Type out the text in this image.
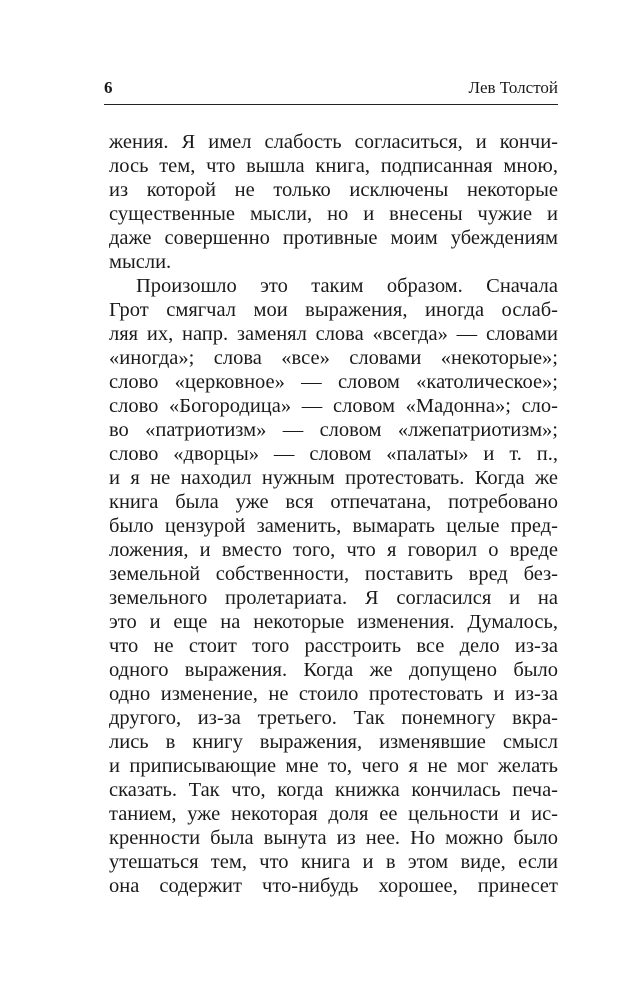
6	Лев Толстой
жения. Я имел слабость согласиться, и кончи-
лось тем, что вышла книга, подписанная мною,
из которой не только исключены некоторые
существенные мысли, но и внесены чужие и
даже совершенно противные моим убеждениям
мысли.
Произошло это таким образом. Сначала
Грот смягчал мои выражения, иногда ослаб-
ляя их, напр. заменял слова «всегда» — словами
«иногда»; слова «все» словами «некоторые»;
слово «церковное» — словом «католическое»;
слово «Богородица» — словом «Мадонна»; сло-
во «патриотизм» — словом «лжепатриотизм»;
слово «дворцы» — словом «палаты» и т. п.,
и я не находил нужным протестовать. Когда же
книга была уже вся отпечатана, потребовано
было цензурой заменить, вымарать целые пред-
ложения, и вместо того, что я говорил о вреде
земельной собственности, поставить вред без-
земельного пролетариата. Я согласился и на
это и еще на некоторые изменения. Думалось,
что не стоит того расстроить все дело из-за
одного выражения. Когда же допущено было
одно изменение, не стоило протестовать и из-за
другого, из-за третьего. Так понемногу вкра-
лись в книгу выражения, изменявшие смысл
и приписывающие мне то, чего я не мог желать
сказать. Так что, когда книжка кончилась печа-
танием, уже некоторая доля ее цельности и ис-
кренности была вынута из нее. Но можно было
утешаться тем, что книга и в этом виде, если
она содержит что-нибудь хорошее, принесет
